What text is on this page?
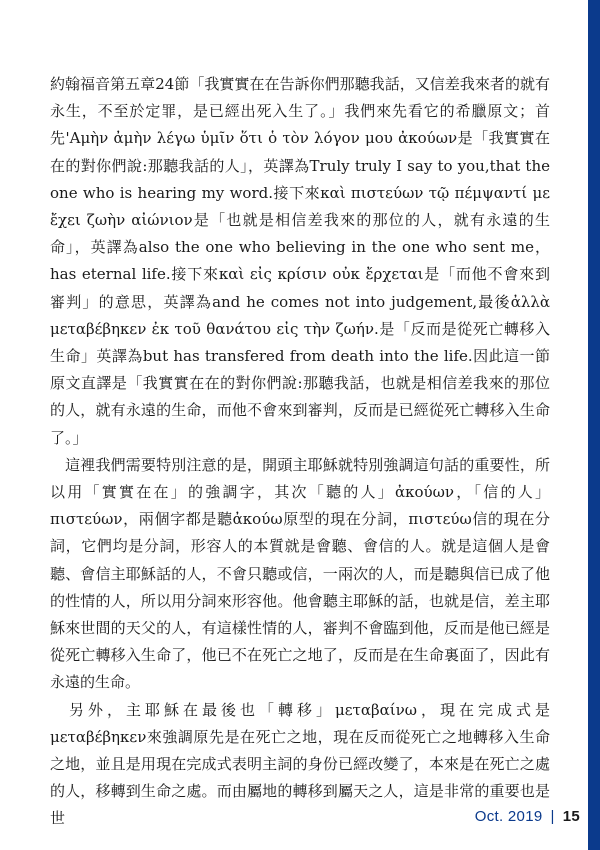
約翰福音第五章24節「我實實在在告訴你們那聽我話，又信差我來者的就有永生，不至於定罪，是已經出死入生了。」我們來先看它的希臘原文；首先'Aμὴν ἀμὴν λέγω ὑμῖν ὅτι ὁ τὸν λόγον μου ἀκούων是「我實實在在的對你們說:那聽我話的人」，英譯為Truly truly I say to you,that the one who is hearing my word.接下來καὶ πιστεύων τῷ πέμψαντί με ἔχει ζωὴν αἰώνιον是「也就是相信差我來的那位的人，就有永遠的生命」，英譯為also the one who believing in the one who sent me， has eternal life.接下來καὶ εἰς κρίσιν οὐκ ἔρχεται是「而他不會來到審判」的意思，英譯為and he comes not into judgement,最後ἀλλὰ μεταβέβηκεν ἐκ τοῦ θανάτου εἰς τὴν ζωήν.是「反而是從死亡轉移入生命」英譯為but has transfered from death into the life.因此這一節原文直譯是「我實實在在的對你們說:那聽我話，也就是相信差我來的那位的人，就有永遠的生命，而他不會來到審判，反而是已經從死亡轉移入生命了。」

　這裡我們需要特別注意的是，開頭主耶穌就特別強調這句話的重要性，所以用「實實在在」的強調字，其次「聽的人」ἀκούων，「信的人」πιστεύων，兩個字都是聽ἀκούω原型的現在分詞，πιστεύω信的現在分詞，它們均是分詞，形容人的本質就是會聽、會信的人。就是這個人是會聽、會信主耶穌話的人，不會只聽或信，一兩次的人，而是聽與信已成了他的性情的人，所以用分詞來形容他。他會聽主耶穌的話，也就是信，差主耶穌來世間的天父的人，有這樣性情的人，審判不會臨到他，反而是他已經是從死亡轉移入生命了，他已不在死亡之地了，反而是在生命裏面了，因此有永遠的生命。

　另外，主耶穌在最後也「轉移」μεταβαίνω，現在完成式是μεταβέβηκεν來強調原先是在死亡之地，現在反而從死亡之地轉移入生命之地，並且是用現在完成式表明主詞的身份已經改變了，本來是在死亡之處的人，移轉到生命之處。而由屬地的轉移到屬天之人，這是非常的重要也是世	Oct. 2019 | 15
